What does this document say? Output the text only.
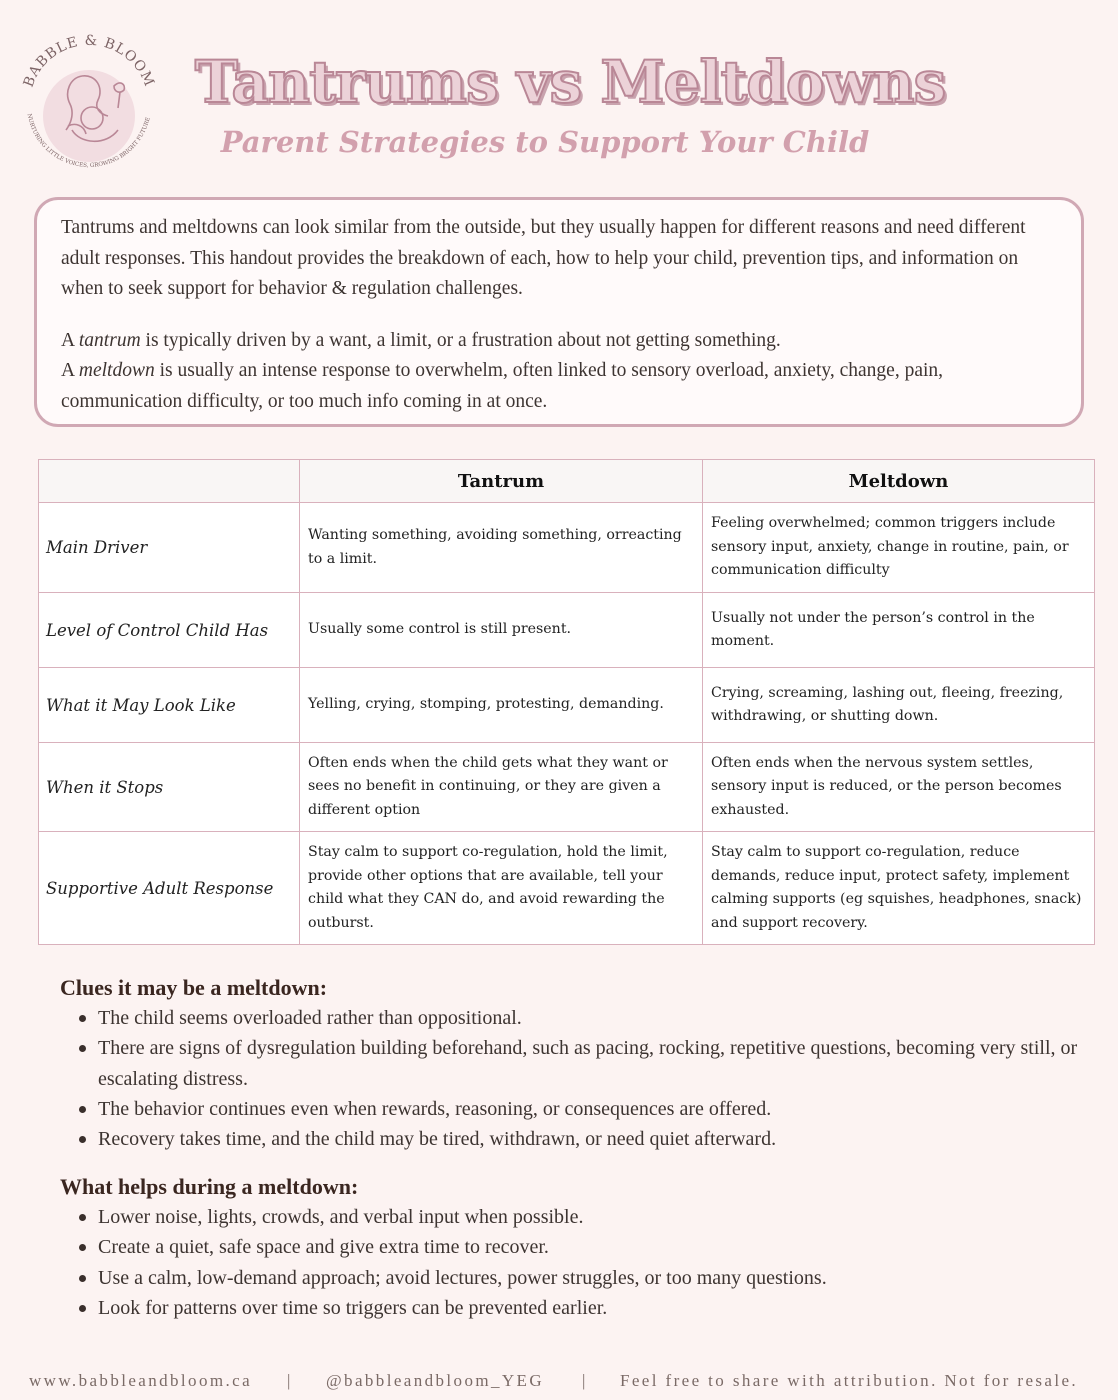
BABBLE & BLOOM
NURTURING LITTLE VOICES, GROWING BRIGHT FUTURE
Tantrums vs Meltdowns
Parent Strategies to Support Your Child

Tantrums and meltdowns can look similar from the outside, but they usually happen for different reasons and need different adult responses. This handout provides the breakdown of each, how to help your child, prevention tips, and information on when to seek support for behavior & regulation challenges.

A tantrum is typically driven by a want, a limit, or a frustration about not getting something.
A meltdown is usually an intense response to overwhelm, often linked to sensory overload, anxiety, change, pain, communication difficulty, or too much info coming in at once.

	Tantrum	Meltdown
Main Driver	Wanting something, avoiding something, orreacting to a limit.	Feeling overwhelmed; common triggers include sensory input, anxiety, change in routine, pain, or communication difficulty
Level of Control Child Has	Usually some control is still present.	Usually not under the person’s control in the moment.
What it May Look Like	Yelling, crying, stomping, protesting, demanding.	Crying, screaming, lashing out, fleeing, freezing, withdrawing, or shutting down.
When it Stops	Often ends when the child gets what they want or sees no benefit in continuing, or they are given a different option	Often ends when the nervous system settles, sensory input is reduced, or the person becomes exhausted.
Supportive Adult Response	Stay calm to support co-regulation, hold the limit, provide other options that are available, tell your child what they CAN do, and avoid rewarding the outburst.	Stay calm to support co-regulation, reduce demands, reduce input, protect safety, implement calming supports (eg squishes, headphones, snack) and support recovery.
Clues it may be a meltdown:
The child seems overloaded rather than oppositional.
There are signs of dysregulation building beforehand, such as pacing, rocking, repetitive questions, becoming very still, or escalating distress.
The behavior continues even when rewards, reasoning, or consequences are offered.
Recovery takes time, and the child may be tired, withdrawn, or need quiet afterward.
What helps during a meltdown:
Lower noise, lights, crowds, and verbal input when possible.
Create a quiet, safe space and give extra time to recover.
Use a calm, low-demand approach; avoid lectures, power struggles, or too many questions.
Look for patterns over time so triggers can be prevented earlier.
www.babbleandbloom.ca | @babbleandbloom_YEG | Feel free to share with attribution. Not for resale.
